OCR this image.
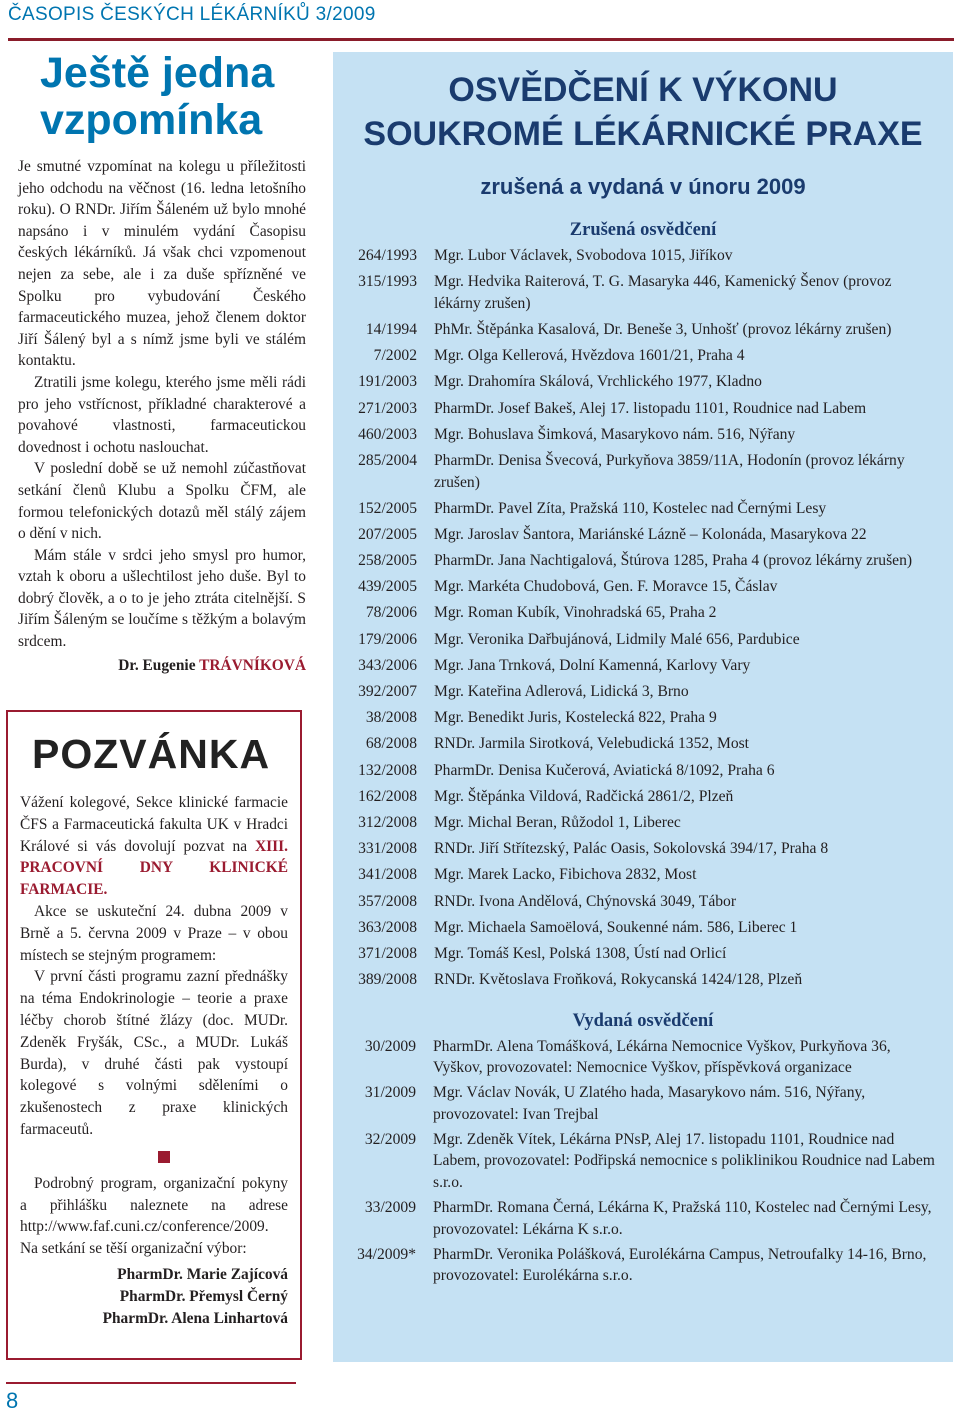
ČASOPIS ČESKÝCH LÉKÁRNÍKŮ 3/2009
Ještě jedna vzpomínka

Je smutné vzpomínat na kolegu u příležitosti jeho odchodu na věčnost (16. ledna letošního roku). O RNDr. Jiřím Šáleném už bylo mnohé napsáno i v minulém vydání Časopisu českých lékárníků. Já však chci vzpomenout nejen za sebe, ale i za duše spřízněné ve Spolku pro vybudování Českého farmaceutického muzea, jehož členem doktor Jiří Šálený byl a s nímž jsme byli ve stálém kontaktu.

Ztratili jsme kolegu, kterého jsme měli rádi pro jeho vstřícnost, příkladné charakterové a povahové vlastnosti, farmaceutickou dovednost i ochotu naslouchat.

V poslední době se už nemohl zúčastňovat setkání členů Klubu a Spolku ČFM, ale formou telefonických dotazů měl stálý zájem o dění v nich.

Mám stále v srdci jeho smysl pro humor, vztah k oboru a ušlechtilost jeho duše. Byl to dobrý člověk, a o to je jeho ztráta citelnější. S Jiřím Šáleným se loučíme s těžkým a bolavým srdcem.

Dr. Eugenie TRÁVNÍKOVÁ
POZVÁNKA

Vážení kolegové, Sekce klinické farmacie ČFS a Farmaceutická fakulta UK v Hradci Králové si vás dovolují pozvat na XIII. PRACOVNÍ DNY KLINICKÉ FARMACIE.

Akce se uskuteční 24. dubna 2009 v Brně a 5. června 2009 v Praze – v obou místech se stejným programem:

V první části programu zazní přednášky na téma Endokrinologie – teorie a praxe léčby chorob štítné žlázy (doc. MUDr. Zdeněk Fryšák, CSc., a MUDr. Lukáš Burda), v druhé části pak vystoupí kolegové s volnými sděleními o zkušenostech z praxe klinických farmaceutů.

Podrobný program, organizační pokyny a přihlášku naleznete na adrese http://www.faf.cuni.cz/conference/2009. Na setkání se těší organizační výbor:

PharmDr. Marie Zajícová
PharmDr. Přemysl Černý
PharmDr. Alena Linhartová
8
OSVĚDČENÍ K VÝKONU
SOUKROMÉ LÉKÁRNICKÉ PRAXE
zrušená a vydaná v únoru 2009
Zrušená osvědčení
264/1993 Mgr. Lubor Václavek, Svobodova 1015, Jiříkov
315/1993 Mgr. Hedvika Raiterová, T. G. Masaryka 446, Kamenický Šenov (provoz lékárny zrušen)
14/1994 PhMr. Štěpánka Kasalová, Dr. Beneše 3, Unhošť (provoz lékárny zrušen)
7/2002 Mgr. Olga Kellerová, Hvězdova 1601/21, Praha 4
191/2003 Mgr. Drahomíra Skálová, Vrchlického 1977, Kladno
271/2003 PharmDr. Josef Bakeš, Alej 17. listopadu 1101, Roudnice nad Labem
460/2003 Mgr. Bohuslava Šimková, Masarykovo nám. 516, Nýřany
285/2004 PharmDr. Denisa Švecová, Purkyňova 3859/11A, Hodonín (provoz lékárny zrušen)
152/2005 PharmDr. Pavel Zíta, Pražská 110, Kostelec nad Černými Lesy
207/2005 Mgr. Jaroslav Šantora, Mariánské Lázně – Kolonáda, Masarykova 22
258/2005 PharmDr. Jana Nachtigalová, Štúrova 1285, Praha 4 (provoz lékárny zrušen)
439/2005 Mgr. Markéta Chudobová, Gen. F. Moravce 15, Čáslav
78/2006 Mgr. Roman Kubík, Vinohradská 65, Praha 2
179/2006 Mgr. Veronika Dařbujánová, Lidmily Malé 656, Pardubice
343/2006 Mgr. Jana Trnková, Dolní Kamenná, Karlovy Vary
392/2007 Mgr. Kateřina Adlerová, Lidická 3, Brno
38/2008 Mgr. Benedikt Juris, Kostelecká 822, Praha 9
68/2008 RNDr. Jarmila Sirotková, Velebudická 1352, Most
132/2008 PharmDr. Denisa Kučerová, Aviatická 8/1092, Praha 6
162/2008 Mgr. Štěpánka Vildová, Radčická 2861/2, Plzeň
312/2008 Mgr. Michal Beran, Růžodol 1, Liberec
331/2008 RNDr. Jiří Střítezský, Palác Oasis, Sokolovská 394/17, Praha 8
341/2008 Mgr. Marek Lacko, Fibichova 2832, Most
357/2008 RNDr. Ivona Andělová, Chýnovská 3049, Tábor
363/2008 Mgr. Michaela Samoëlová, Soukenné nám. 586, Liberec 1
371/2008 Mgr. Tomáš Kesl, Polská 1308, Ústí nad Orlicí
389/2008 RNDr. Květoslava Froňková, Rokycanská 1424/128, Plzeň
Vydaná osvědčení
30/2009 PharmDr. Alena Tomášková, Lékárna Nemocnice Vyškov, Purkyňova 36, Vyškov, provozovatel: Nemocnice Vyškov, příspěvková organizace
31/2009 Mgr. Václav Novák, U Zlatého hada, Masarykovo nám. 516, Nýřany, provozovatel: Ivan Trejbal
32/2009 Mgr. Zdeněk Vítek, Lékárna PNsP, Alej 17. listopadu 1101, Roudnice nad Labem, provozovatel: Podřipská nemocnice s poliklinikou Roudnice nad Labem s.r.o.
33/2009 PharmDr. Romana Černá, Lékárna K, Pražská 110, Kostelec nad Černými Lesy, provozovatel: Lékárna K s.r.o.
34/2009* PharmDr. Veronika Polášková, Eurolékárna Campus, Netroufalky 14-16, Brno, provozovatel: Eurolékárna s.r.o.
